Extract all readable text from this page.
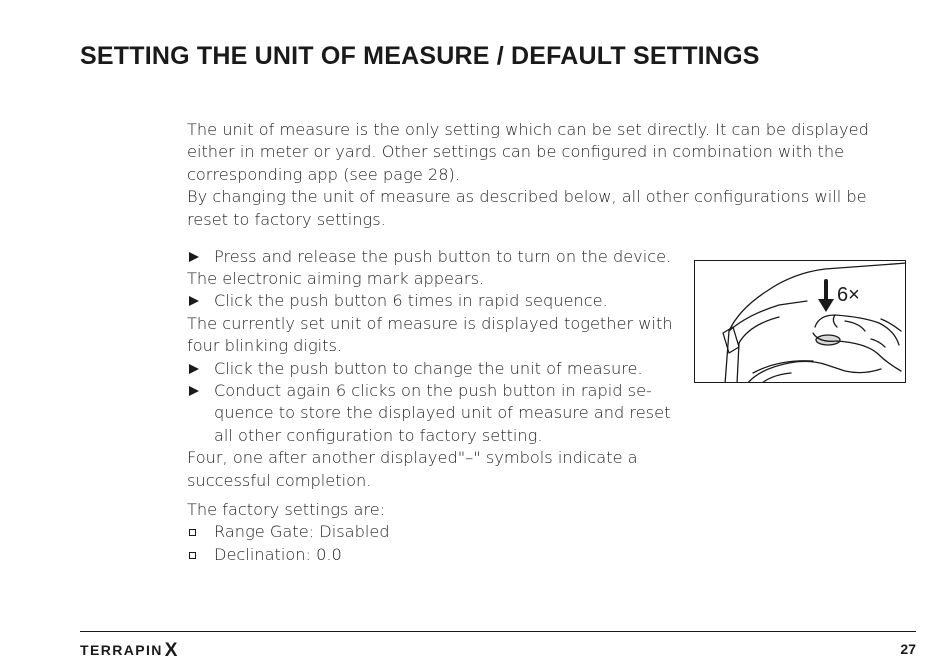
SETTING THE UNIT OF MEASURE / DEFAULT SETTINGS

The unit of measure is the only setting which can be set directly. It can be displayed either in meter or yard. Other settings can be configured in combination with the corresponding app (see page 28).

By changing the unit of measure as described below, all other configurations will be reset to factory settings.

Press and release the push button to turn on the device.

The electronic aiming mark appears.

Click the push button 6 times in rapid sequence.

The currently set unit of measure is displayed together with four blinking digits.

Click the push button to change the unit of measure.
Conduct again 6 clicks on the push button in rapid se-quence to store the displayed unit of measure and reset all other configuration to factory setting.

Four, one after another displayed"–" symbols indicate a successful completion.

The factory settings are:

Range Gate: Disabled
Declination: 0.0
6×
TERRAPIN X	27
